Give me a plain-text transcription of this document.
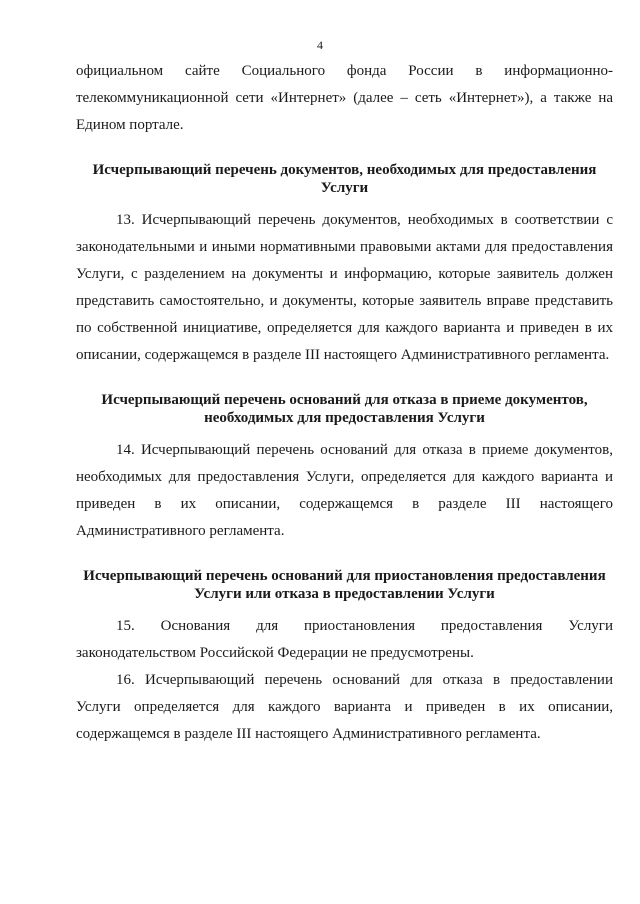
4

официальном сайте Социального фонда России в информационно-телекоммуникационной сети «Интернет» (далее – сеть «Интернет»), а также на Едином портале.

Исчерпывающий перечень документов, необходимых для предоставления Услуги

13. Исчерпывающий перечень документов, необходимых в соответствии с законодательными и иными нормативными правовыми актами для предоставления Услуги, с разделением на документы и информацию, которые заявитель должен представить самостоятельно, и документы, которые заявитель вправе представить по собственной инициативе, определяется для каждого варианта и приведен в их описании, содержащемся в разделе III настоящего Административного регламента.

Исчерпывающий перечень оснований для отказа в приеме документов, необходимых для предоставления Услуги

14. Исчерпывающий перечень оснований для отказа в приеме документов, необходимых для предоставления Услуги, определяется для каждого варианта и приведен в их описании, содержащемся в разделе III настоящего Административного регламента.

Исчерпывающий перечень оснований для приостановления предоставления Услуги или отказа в предоставлении Услуги

15. Основания для приостановления предоставления Услуги законодательством Российской Федерации не предусмотрены.

16. Исчерпывающий перечень оснований для отказа в предоставлении Услуги определяется для каждого варианта и приведен в их описании, содержащемся в разделе III настоящего Административного регламента.
